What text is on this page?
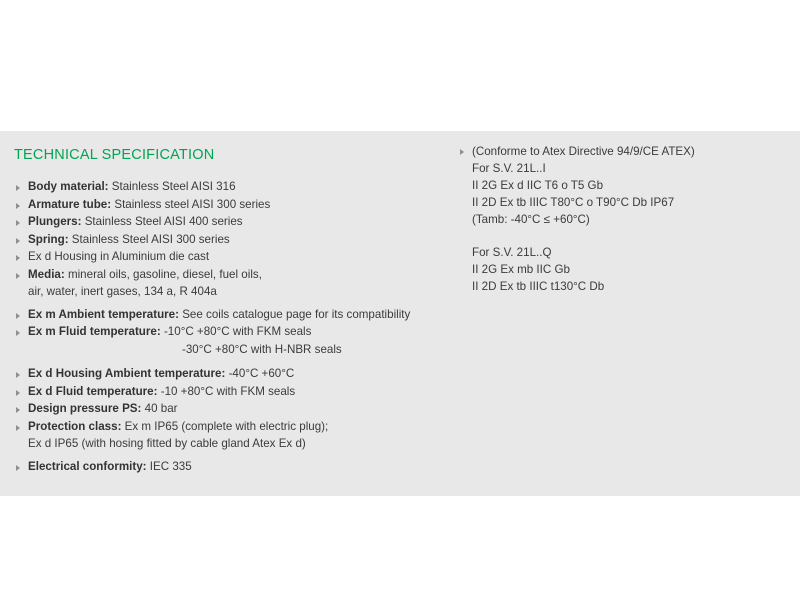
TECHNICAL SPECIFICATION
Body material: Stainless Steel AISI 316
Armature tube: Stainless steel AISI 300 series
Plungers: Stainless Steel AISI 400 series
Spring: Stainless Steel AISI 300 series
Ex d Housing in Aluminium die cast
Media: mineral oils, gasoline, diesel, fuel oils,
air, water, inert gases, 134 a, R 404a
Ex m Ambient temperature: See coils catalogue page for its compatibility
Ex m Fluid temperature: -10°C +80°C with FKM seals
-30°C +80°C with H-NBR seals
Ex d Housing Ambient temperature: -40°C +60°C
Ex d Fluid temperature: -10 +80°C with FKM seals
Design pressure PS: 40 bar
Protection class: Ex m IP65 (complete with electric plug);
Ex d IP65 (with hosing fitted by cable gland Atex Ex d)
Electrical conformity: IEC 335
(Conforme to Atex Directive 94/9/CE ATEX)
For S.V. 21L..I
II 2G Ex d IIC T6 o T5 Gb
II 2D Ex tb IIIC T80°C o T90°C Db IP67
(Tamb: -40°C ≤ +60°C)
For S.V. 21L..Q
II 2G Ex mb IIC Gb
II 2D Ex tb IIIC t130°C Db
